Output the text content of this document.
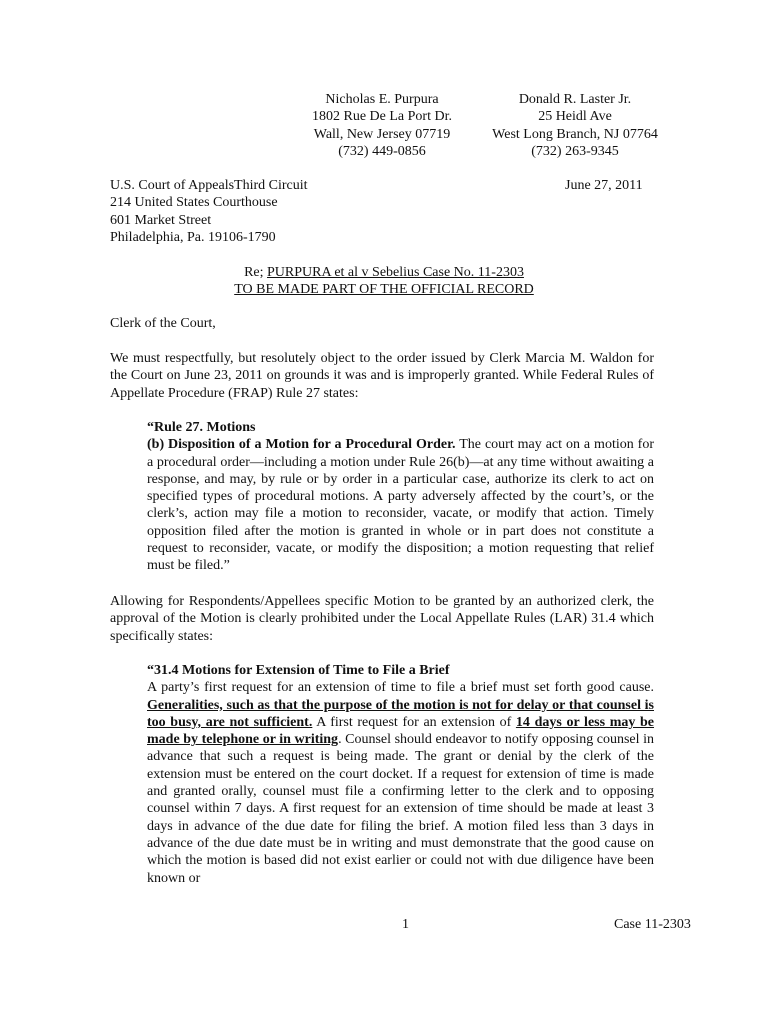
Nicholas E. Purpura
1802 Rue De La Port Dr.
Wall, New Jersey 07719
(732) 449-0856
Donald R. Laster Jr.
25 Heidl Ave
West Long Branch, NJ 07764
(732) 263-9345
U.S. Court of AppealsThird Circuit
214 United States Courthouse
601 Market Street
Philadelphia, Pa. 19106-1790
June 27, 2011
Re; PURPURA et al v Sebelius Case No. 11-2303
TO BE MADE PART OF THE OFFICIAL RECORD
Clerk of the Court,

We must respectfully, but resolutely object to the order issued by Clerk Marcia M. Waldon for the Court on June 23, 2011 on grounds it was and is improperly granted. While Federal Rules of Appellate Procedure (FRAP) Rule 27 states:

“Rule 27. Motions

(b) Disposition of a Motion for a Procedural Order. The court may act on a motion for a procedural order—including a motion under Rule 26(b)—at any time without awaiting a response, and may, by rule or by order in a particular case, authorize its clerk to act on specified types of procedural motions. A party adversely affected by the court’s, or the clerk’s, action may file a motion to reconsider, vacate, or modify that action. Timely opposition filed after the motion is granted in whole or in part does not constitute a request to reconsider, vacate, or modify the disposition; a motion requesting that relief must be filed.”

Allowing for Respondents/Appellees specific Motion to be granted by an authorized clerk, the approval of the Motion is clearly prohibited under the Local Appellate Rules (LAR) 31.4 which specifically states:

“31.4 Motions for Extension of Time to File a Brief

A party’s first request for an extension of time to file a brief must set forth good cause. Generalities, such as that the purpose of the motion is not for delay or that counsel is too busy, are not sufficient. A first request for an extension of 14 days or less may be made by telephone or in writing. Counsel should endeavor to notify opposing counsel in advance that such a request is being made. The grant or denial by the clerk of the extension must be entered on the court docket. If a request for extension of time is made and granted orally, counsel must file a confirming letter to the clerk and to opposing counsel within 7 days. A first request for an extension of time should be made at least 3 days in advance of the due date for filing the brief. A motion filed less than 3 days in advance of the due date must be in writing and must demonstrate that the good cause on which the motion is based did not exist earlier or could not with due diligence have been known or

1	Case 11-2303
